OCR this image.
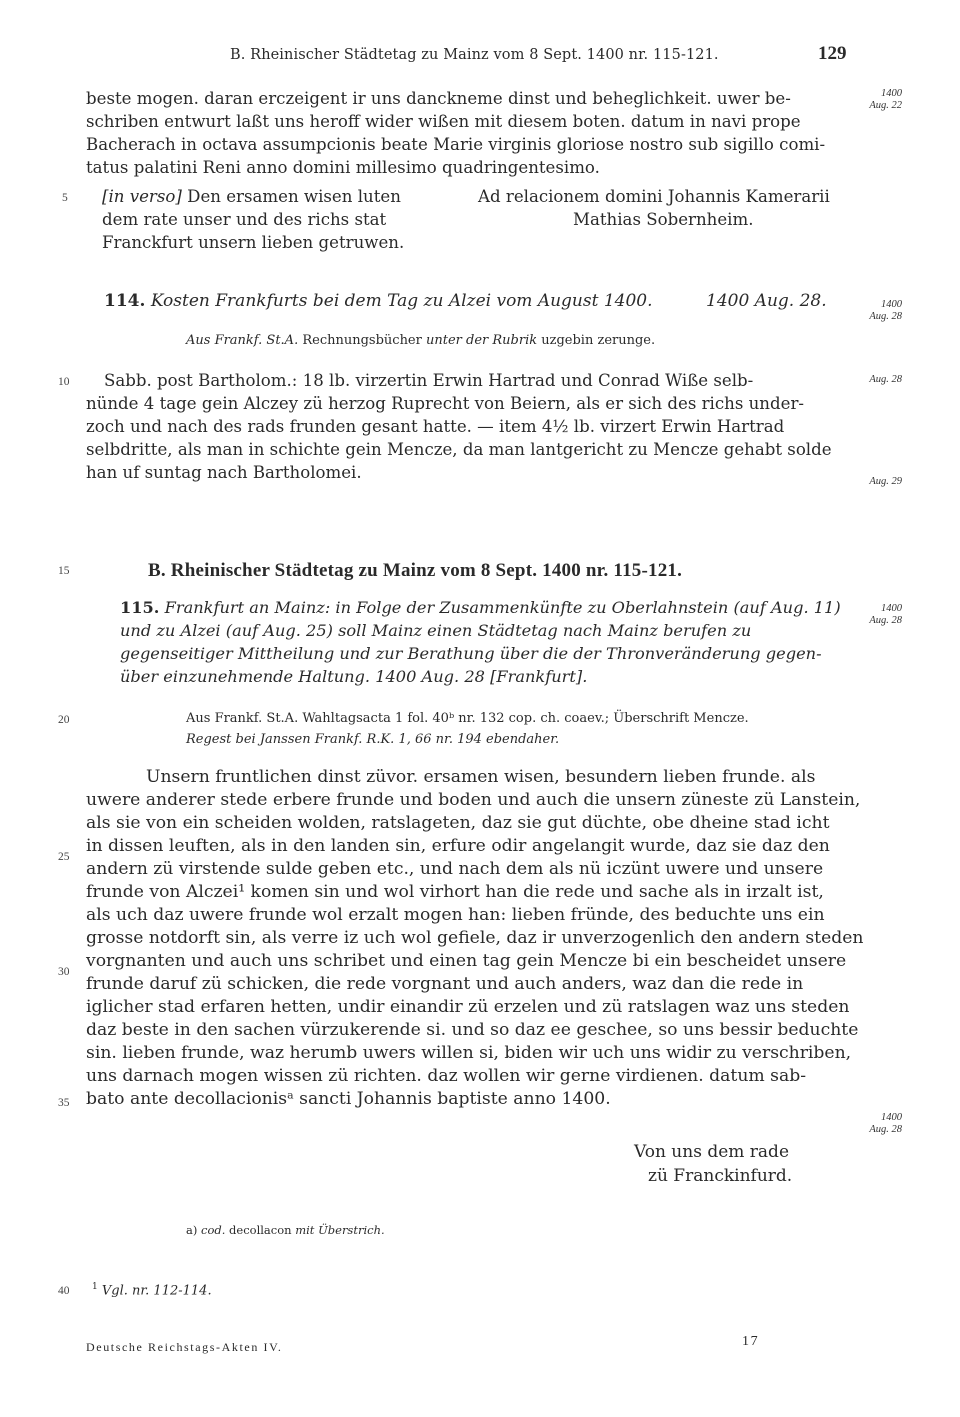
B. Rheinischer Städtetag zu Mainz vom 8 Sept. 1400 nr. 115-121.	129
beste mogen. daran erczeigent ir uns danckneme dinst und beheglichkeit. uwer be-
schriben entwurt laßt uns heroff wider wißen mit diesem boten. datum in navi prope
Bacherach in octava assumpcionis beate Marie virginis gloriose nostro sub sigillo comi-
tatus palatini Reni anno domini millesimo quadringentesimo.
1400
Aug. 22
[in verso] Den ersamen wisen luten
dem rate unser und des richs stat
Franckfurt unsern lieben getruwen.
Ad relacionem domini Johannis Kamerarii
Mathias Sobernheim.
114. Kosten Frankfurts bei dem Tag zu Alzei vom August 1400.	1400 Aug. 28.	1400
Aug. 28
Aus Frankf. St.A. Rechnungsbücher unter der Rubrik uzgebin zerunge.
Sabb. post Bartholom.: 18 lb. virzertin Erwin Hartrad und Conrad Wiße selb-
nünde 4 tage gein Alczey zü herzog Ruprecht von Beiern, als er sich des richs under-
zoch und nach des rads frunden gesant hatte. — item 4½ lb. virzert Erwin Hartrad
selbdritte, als man in schichte gein Mencze, da man lantgericht zu Mencze gehabt solde
han uf suntag nach Bartholomei.
Aug. 28
Aug. 29
B. Rheinischer Städtetag zu Mainz vom 8 Sept. 1400 nr. 115-121.
115. Frankfurt an Mainz: in Folge der Zusammenkünfte zu Oberlahnstein (auf Aug. 11)
und zu Alzei (auf Aug. 25) soll Mainz einen Städtetag nach Mainz berufen zu
gegenseitiger Mittheilung und zur Berathung über die der Thronveränderung gegen-
über einzunehmende Haltung. 1400 Aug. 28 [Frankfurt].
1400
Aug. 28
Aus Frankf. St.A. Wahltagsacta 1 fol. 40ᵇ nr. 132 cop. ch. coaev.; Überschrift Mencze.
Regest bei Janssen Frankf. R.K. 1, 66 nr. 194 ebendaher.
Unsern fruntlichen dinst züvor. ersamen wisen, besundern lieben frunde. als
uwere anderer stede erbere frunde und boden und auch die unsern züneste zü Lanstein,
als sie von ein scheiden wolden, ratslageten, daz sie gut düchte, obe dheine stad icht
in dissen leuften, als in den landen sin, erfure odir angelangit wurde, daz sie daz den
andern zü virstende sulde geben etc., und nach dem als nü iczünt uwere und unsere
frunde von Alczei¹ komen sin und wol virhort han die rede und sache als in irzalt ist,
als uch daz uwere frunde wol erzalt mogen han: lieben fründe, des beduchte uns ein
grosse notdorft sin, als verre iz uch wol gefiele, daz ir unverzogenlich den andern steden
vorgnanten und auch uns schribet und einen tag gein Mencze bi ein bescheidet unsere
frunde daruf zü schicken, die rede vorgnant und auch anders, waz dan die rede in
iglicher stad erfaren hetten, undir einandir zü erzelen und zü ratslagen waz uns steden
daz beste in den sachen vürzukerende si. und so daz ee geschee, so uns bessir beduchte
sin. lieben frunde, waz herumb uwers willen si, biden wir uch uns widir zu verschriben,
uns darnach mogen wissen zü richten. daz wollen wir gerne virdienen. datum sab-
bato ante decollacionisᵃ sancti Johannis baptiste anno 1400.
1400
Aug. 28
Von uns dem rade
zü Franckinfurd.
a) cod. decollacon mit Überstrich.
$^1$ Vgl. nr. 112-114.
Deutsche Reichstags-Akten IV.	17
5
10
15
20
25
30
35
40
